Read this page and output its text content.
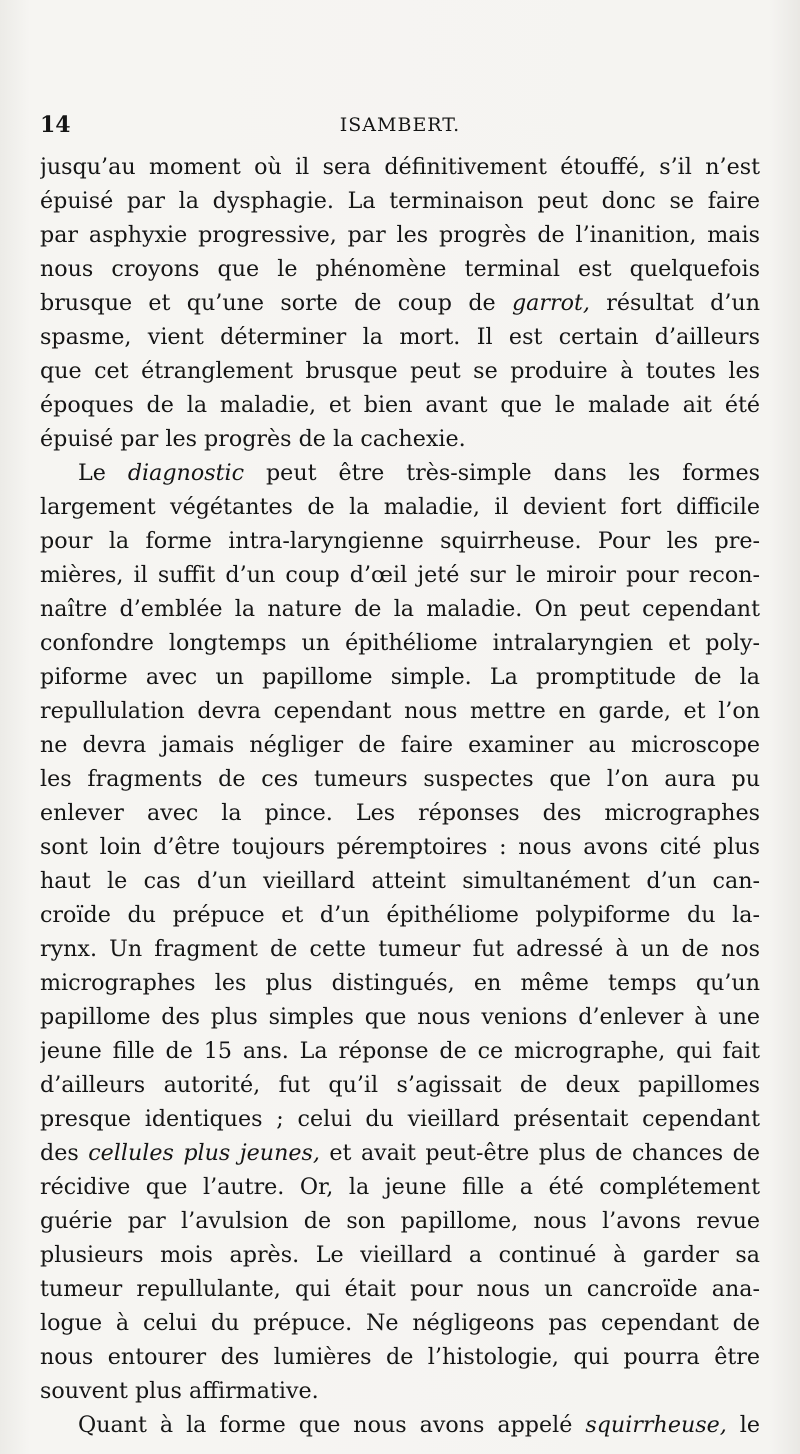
14	ISAMBERT.
jusqu’au moment où il sera définitivement étouffé, s’il n’est
épuisé par la dysphagie. La terminaison peut donc se faire
par asphyxie progressive, par les progrès de l’inanition, mais
nous croyons que le phénomène terminal est quelquefois
brusque et qu’une sorte de coup de garrot, résultat d’un
spasme, vient déterminer la mort. Il est certain d’ailleurs
que cet étranglement brusque peut se produire à toutes les
époques de la maladie, et bien avant que le malade ait été
épuisé par les progrès de la cachexie.
Le diagnostic peut être très-simple dans les formes
largement végétantes de la maladie, il devient fort difficile
pour la forme intra-laryngienne squirrheuse. Pour les pre-
mières, il suffit d’un coup d’œil jeté sur le miroir pour recon-
naître d’emblée la nature de la maladie. On peut cependant
confondre longtemps un épithéliome intralaryngien et poly-
piforme avec un papillome simple. La promptitude de la
repullulation devra cependant nous mettre en garde, et l’on
ne devra jamais négliger de faire examiner au microscope
les fragments de ces tumeurs suspectes que l’on aura pu
enlever avec la pince. Les réponses des micrographes
sont loin d’être toujours péremptoires : nous avons cité plus
haut le cas d’un vieillard atteint simultanément d’un can-
croïde du prépuce et d’un épithéliome polypiforme du la-
rynx. Un fragment de cette tumeur fut adressé à un de nos
micrographes les plus distingués, en même temps qu’un
papillome des plus simples que nous venions d’enlever à une
jeune fille de 15 ans. La réponse de ce micrographe, qui fait
d’ailleurs autorité, fut qu’il s’agissait de deux papillomes
presque identiques ; celui du vieillard présentait cependant
des cellules plus jeunes, et avait peut-être plus de chances de
récidive que l’autre. Or, la jeune fille a été complétement
guérie par l’avulsion de son papillome, nous l’avons revue
plusieurs mois après. Le vieillard a continué à garder sa
tumeur repullulante, qui était pour nous un cancroïde ana-
logue à celui du prépuce. Ne négligeons pas cependant de
nous entourer des lumières de l’histologie, qui pourra être
souvent plus affirmative.
Quant à la forme que nous avons appelé squirrheuse, le
